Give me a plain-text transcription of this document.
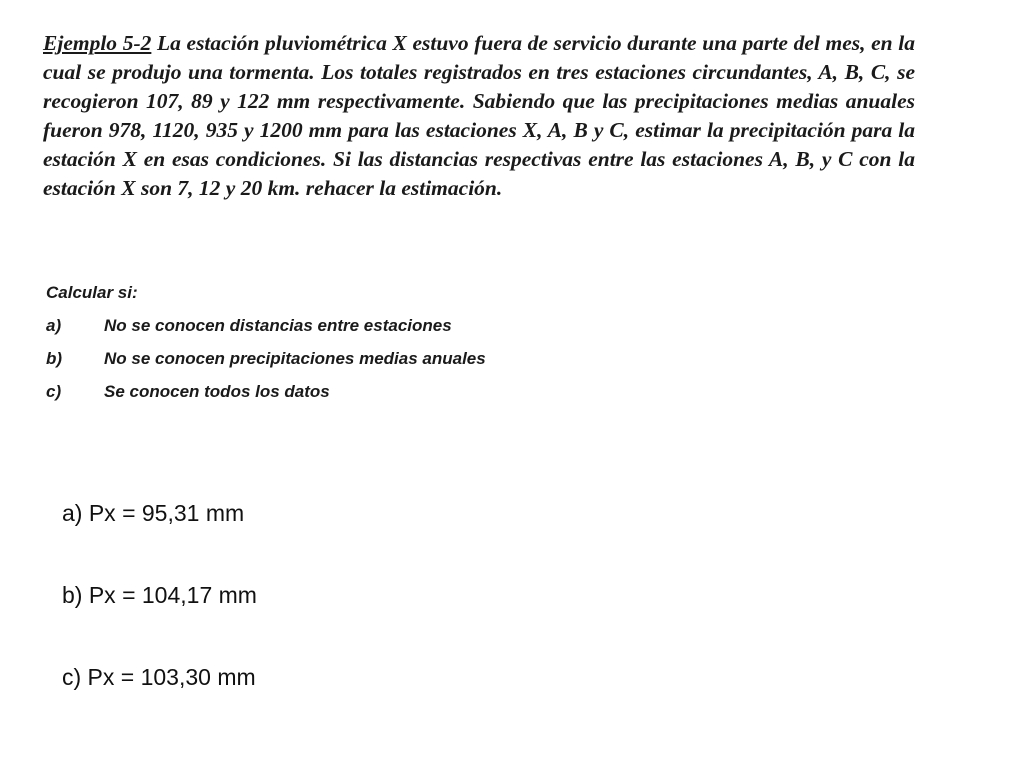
Ejemplo 5-2 La estación pluviométrica X estuvo fuera de servicio durante una parte del mes, en la cual se produjo una tormenta. Los totales registrados en tres estaciones circundantes, A, B, C, se recogieron 107, 89 y 122 mm respectivamente. Sabiendo que las precipitaciones medias anuales fueron 978, 1120, 935 y 1200 mm para las estaciones X, A, B y C, estimar la precipitación para la estación X en esas condiciones. Si las distancias respectivas entre las estaciones A, B, y C con la estación X son 7, 12 y 20 km. rehacer la estimación.

Calcular si:
a)	No se conocen distancias entre estaciones
b) No se conocen precipitaciones medias anuales
c)	Se conocen todos los datos
a) Px = 95,31 mm
b) Px = 104,17 mm
c) Px = 103,30 mm
